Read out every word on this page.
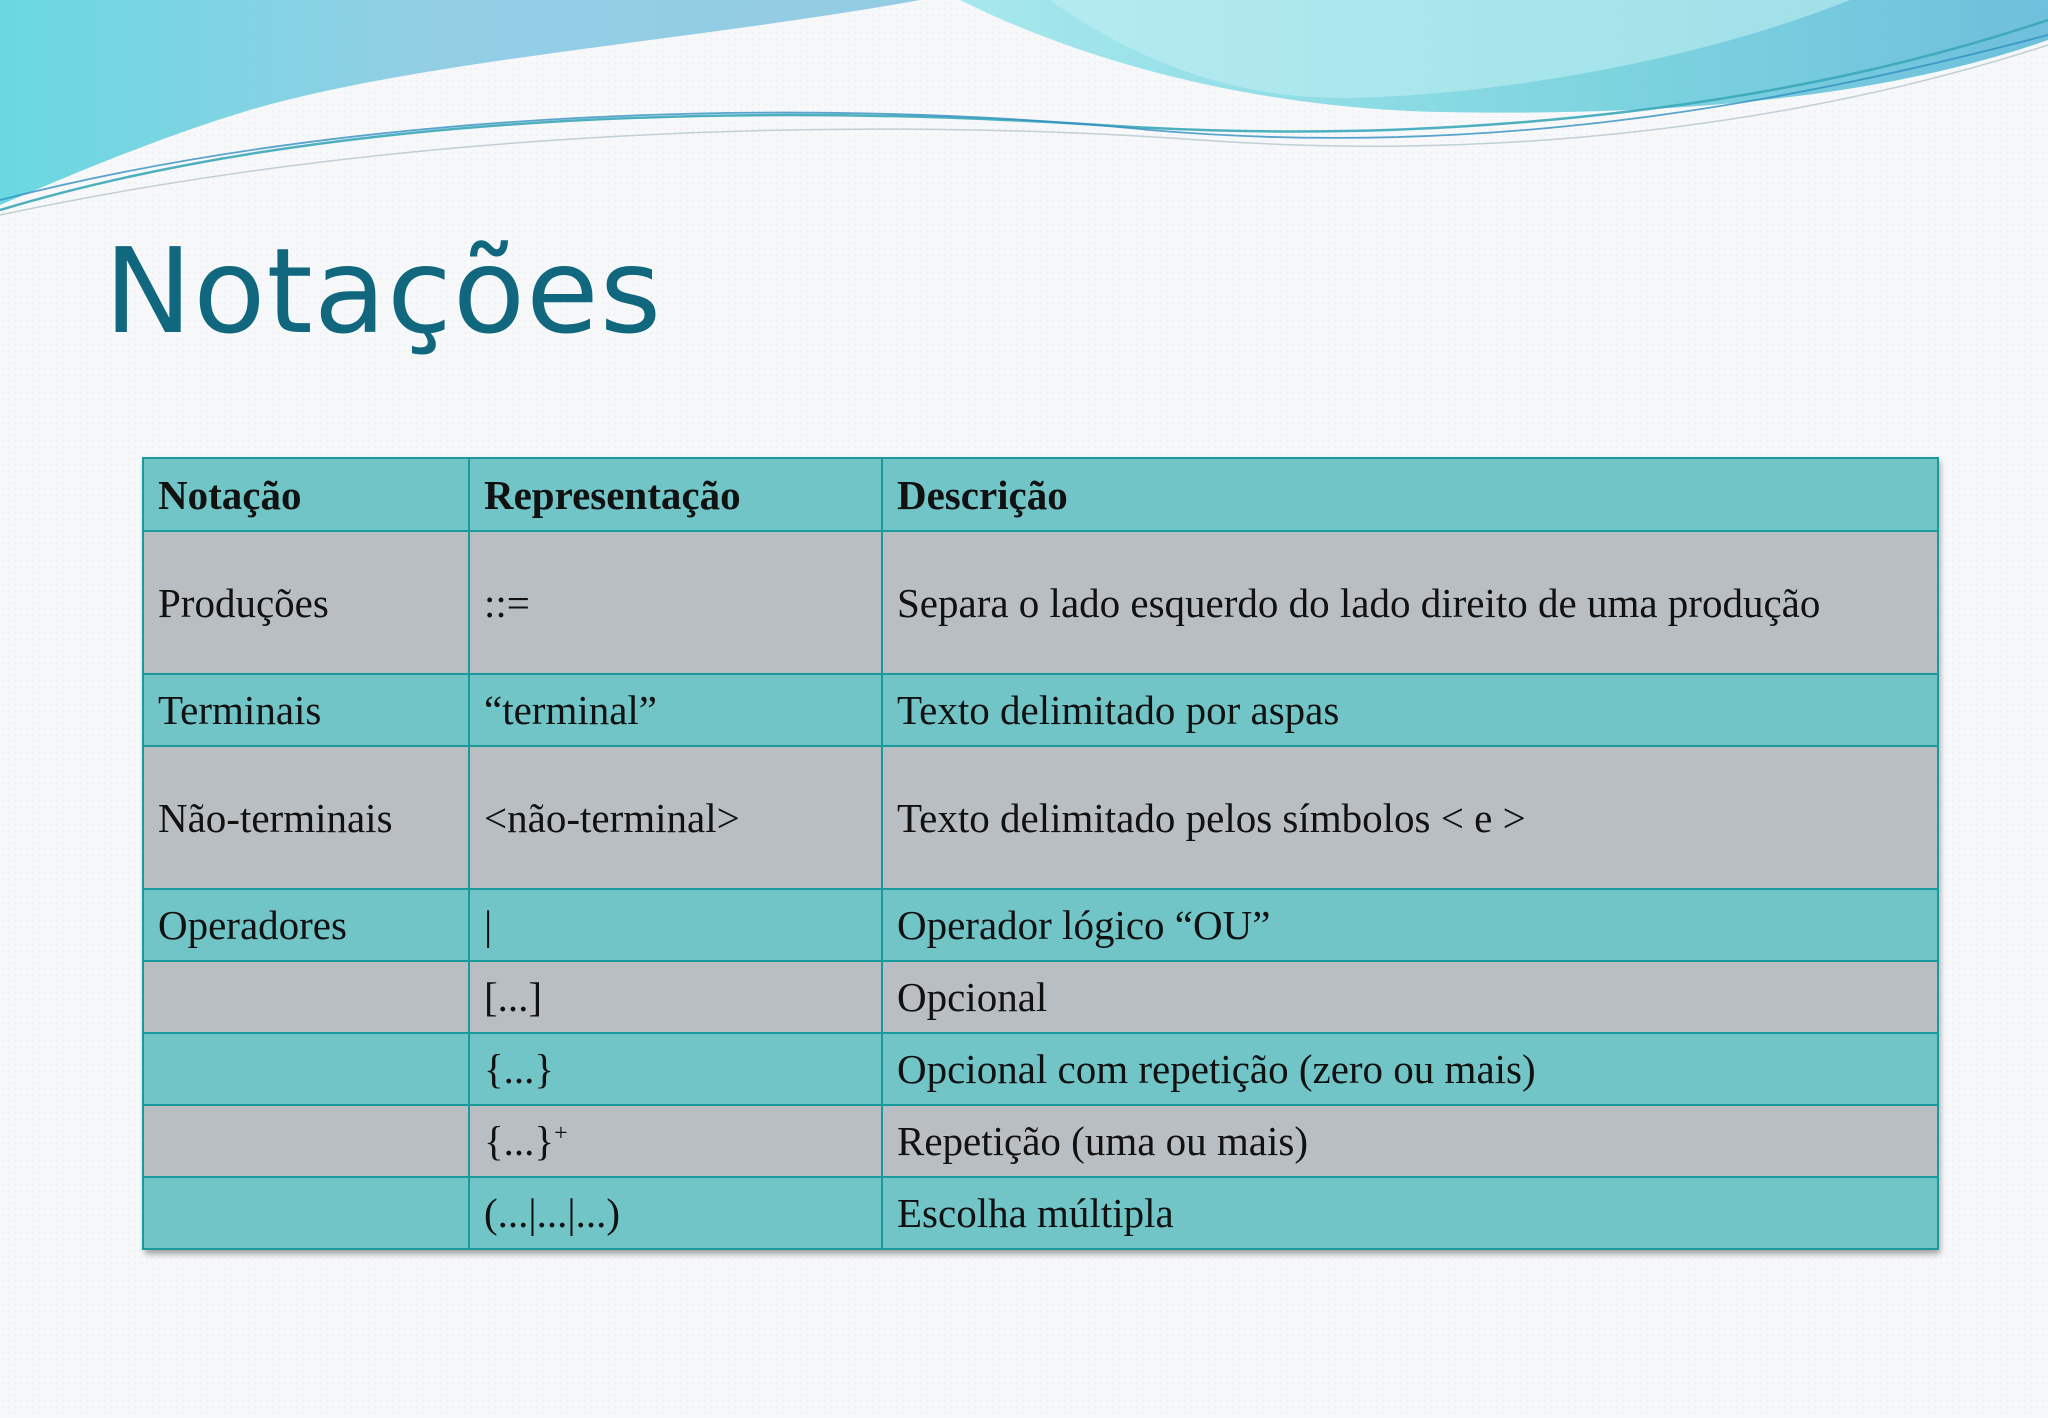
Notações
Notação	Representação	Descrição
Produções	::=	Separa o lado esquerdo do lado direito de uma produção
Terminais	“terminal”	Texto delimitado por aspas
Não-terminais	<não-terminal>	Texto delimitado pelos símbolos < e >
Operadores	|	Operador lógico “OU”
	[...]	Opcional
	{...}	Opcional com repetição (zero ou mais)
	{...}+	Repetição (uma ou mais)
	(...|...|...)	Escolha múltipla
